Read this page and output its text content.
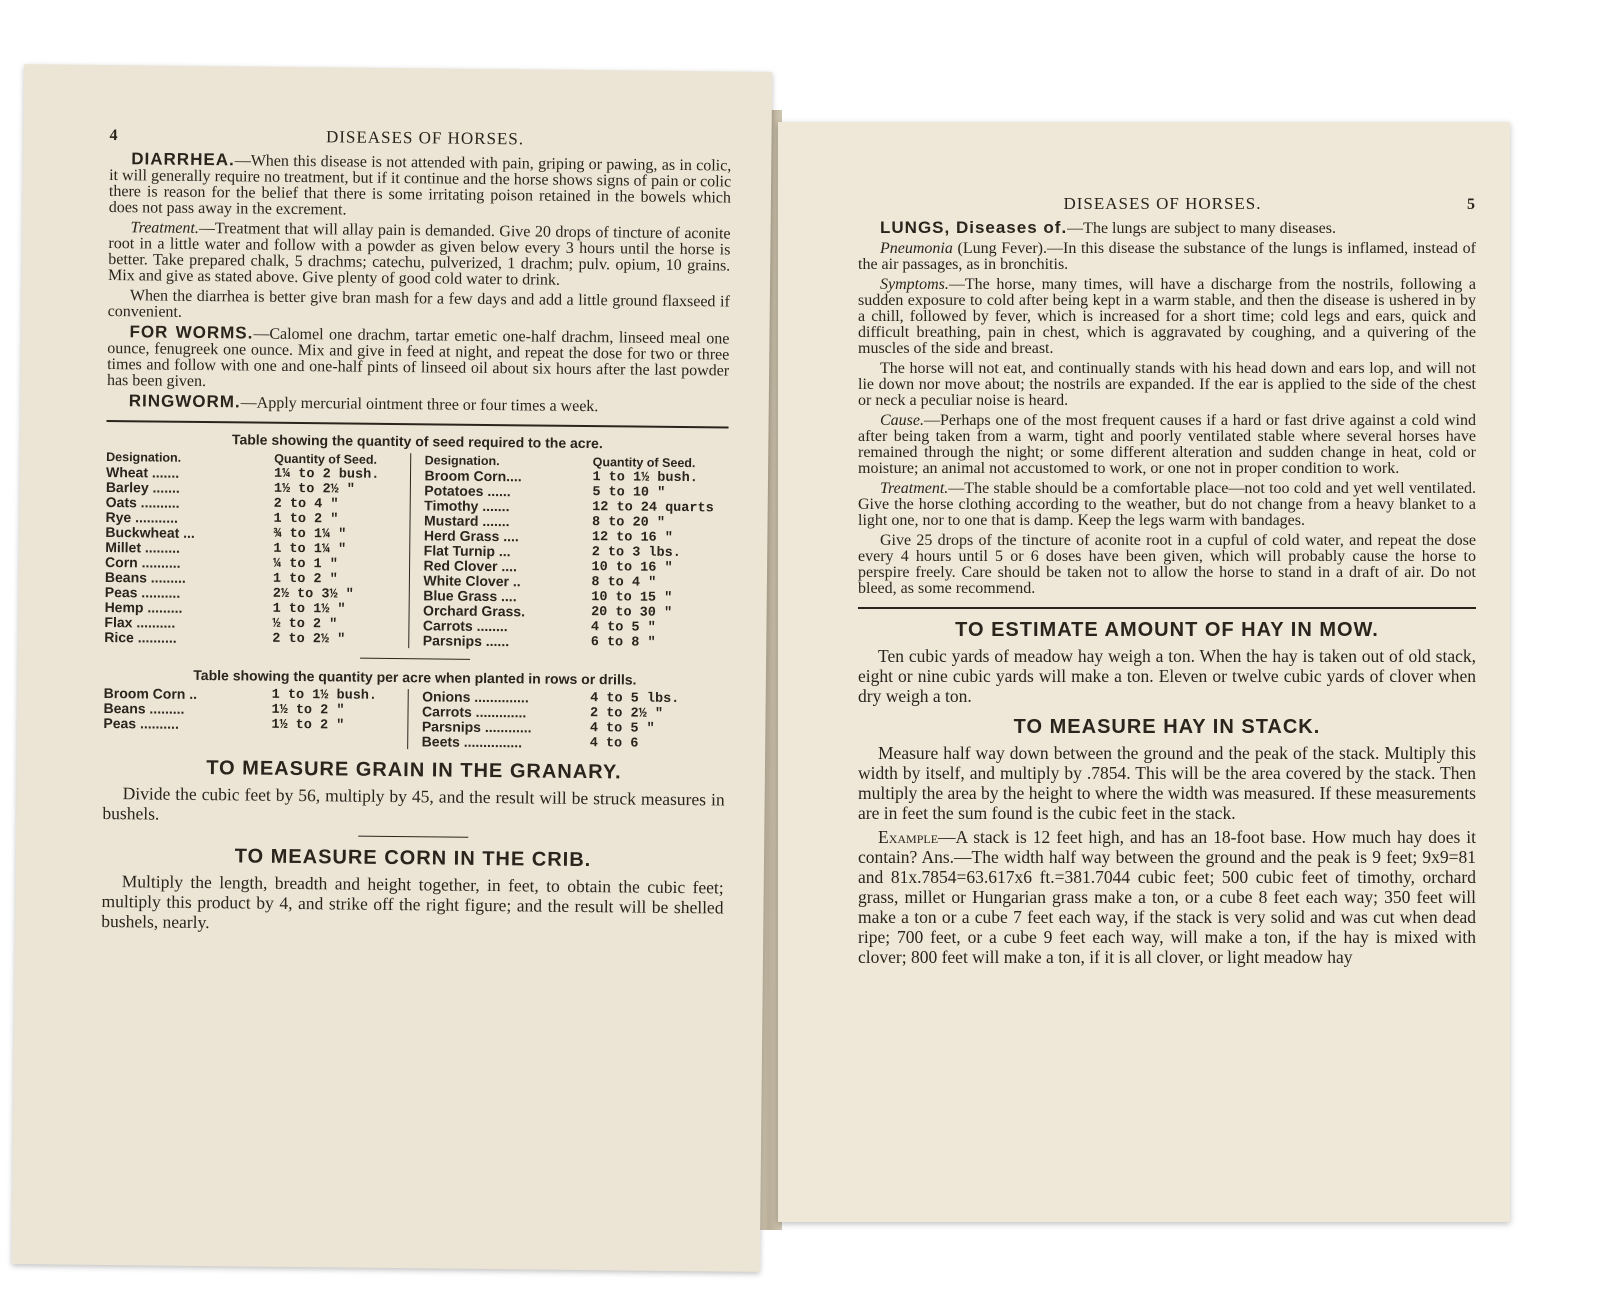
4	DISEASES OF HORSES.

DIARRHEA.—When this disease is not attended with pain, griping or pawing, as in colic, it will generally require no treatment, but if it continue and the horse shows signs of pain or colic there is reason for the belief that there is some irritating poison retained in the bowels which does not pass away in the excrement.

Treatment.—Treatment that will allay pain is demanded. Give 20 drops of tincture of aconite root in a little water and follow with a powder as given below every 3 hours until the horse is better. Take prepared chalk, 5 drachms; catechu, pulverized, 1 drachm; pulv. opium, 10 grains. Mix and give as stated above. Give plenty of good cold water to drink.

When the diarrhea is better give bran mash for a few days and add a little ground flaxseed if convenient.

FOR WORMS.—Calomel one drachm, tartar emetic one-half drachm, linseed meal one ounce, fenugreek one ounce. Mix and give in feed at night, and repeat the dose for two or three times and follow with one and one-half pints of linseed oil about six hours after the last powder has been given.

RINGWORM.—Apply mercurial ointment three or four times a week.

Table showing the quantity of seed required to the acre.
Designation.	Quantity of Seed.
Wheat .......	1¼ to 2 bush.
Barley .......	1½ to 2½ "
Oats ..........	2 to 4 "
Rye ...........	1 to 2 "
Buckwheat ...	¾ to 1¼ "
Millet .........	1 to 1¼ "
Corn ..........	¼ to 1 "
Beans .........	1 to 2 "
Peas ..........	2½ to 3½ "
Hemp .........	1 to 1½ "
Flax ..........	½ to 2 "
Rice ..........	2 to 2½ "
Designation.	Quantity of Seed.
Broom Corn....	1 to 1½ bush.
Potatoes ......	5 to 10 "
Timothy .......	12 to 24 quarts
Mustard .......	8 to 20 "
Herd Grass ....	12 to 16 "
Flat Turnip ...	2 to 3 lbs.
Red Clover ....	10 to 16 "
White Clover ..	8 to 4 "
Blue Grass ....	10 to 15 "
Orchard Grass.	20 to 30 "
Carrots ........	4 to 5 "
Parsnips ......	6 to 8 "
Table showing the quantity per acre when planted in rows or drills.
Broom Corn ..	1 to 1½ bush.
Beans .........	1½ to 2 "
Peas ..........	1½ to 2 "
Onions ..............	4 to 5 lbs.
Carrots .............	2 to 2½ "
Parsnips ............	4 to 5 "
Beets ...............	4 to 6
TO MEASURE GRAIN IN THE GRANARY.

Divide the cubic feet by 56, multiply by 45, and the result will be struck measures in bushels.

TO MEASURE CORN IN THE CRIB.

Multiply the length, breadth and height together, in feet, to obtain the cubic feet; multiply this product by 4, and strike off the right figure; and the result will be shelled bushels, nearly.

DISEASES OF HORSES.	5

LUNGS, Diseases of.—The lungs are subject to many diseases.

Pneumonia (Lung Fever).—In this disease the substance of the lungs is inflamed, instead of the air passages, as in bronchitis.

Symptoms.—The horse, many times, will have a discharge from the nostrils, following a sudden exposure to cold after being kept in a warm stable, and then the disease is ushered in by a chill, followed by fever, which is increased for a short time; cold legs and ears, quick and difficult breathing, pain in chest, which is aggravated by coughing, and a quivering of the muscles of the side and breast.

The horse will not eat, and continually stands with his head down and ears lop, and will not lie down nor move about; the nostrils are expanded. If the ear is applied to the side of the chest or neck a peculiar noise is heard.

Cause.—Perhaps one of the most frequent causes if a hard or fast drive against a cold wind after being taken from a warm, tight and poorly ventilated stable where several horses have remained through the night; or some different alteration and sudden change in heat, cold or moisture; an animal not accustomed to work, or one not in proper condition to work.

Treatment.—The stable should be a comfortable place—not too cold and yet well ventilated. Give the horse clothing according to the weather, but do not change from a heavy blanket to a light one, nor to one that is damp. Keep the legs warm with bandages.

Give 25 drops of the tincture of aconite root in a cupful of cold water, and repeat the dose every 4 hours until 5 or 6 doses have been given, which will probably cause the horse to perspire freely. Care should be taken not to allow the horse to stand in a draft of air. Do not bleed, as some recommend.

TO ESTIMATE AMOUNT OF HAY IN MOW.

Ten cubic yards of meadow hay weigh a ton. When the hay is taken out of old stack, eight or nine cubic yards will make a ton. Eleven or twelve cubic yards of clover when dry weigh a ton.

TO MEASURE HAY IN STACK.

Measure half way down between the ground and the peak of the stack. Multiply this width by itself, and multiply by .7854. This will be the area covered by the stack. Then multiply the area by the height to where the width was measured. If these measurements are in feet the sum found is the cubic feet in the stack.

Example—A stack is 12 feet high, and has an 18-foot base. How much hay does it contain? Ans.—The width half way between the ground and the peak is 9 feet; 9x9=81 and 81x.7854=63.617x6 ft.=381.7044 cubic feet; 500 cubic feet of timothy, orchard grass, millet or Hungarian grass make a ton, or a cube 8 feet each way; 350 feet will make a ton or a cube 7 feet each way, if the stack is very solid and was cut when dead ripe; 700 feet, or a cube 9 feet each way, will make a ton, if the hay is mixed with clover; 800 feet will make a ton, if it is all clover, or light meadow hay
